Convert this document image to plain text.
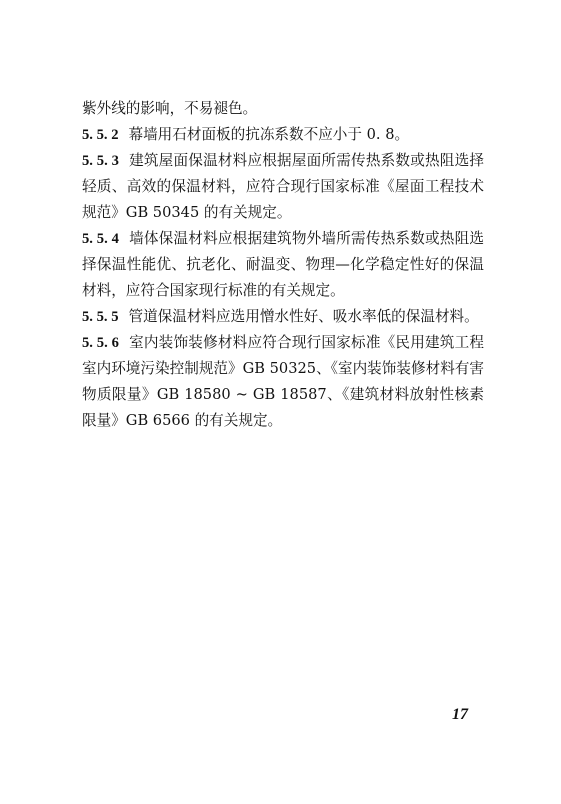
紫外线的影响，不易褪色。

5. 5. 2 幕墙用石材面板的抗冻系数不应小于 0. 8。

5. 5. 3 建筑屋面保温材料应根据屋面所需传热系数或热阻选择轻质、高效的保温材料，应符合现行国家标准《屋面工程技术规范》GB 50345 的有关规定。

5. 5. 4 墙体保温材料应根据建筑物外墙所需传热系数或热阻选择保温性能优、抗老化、耐温变、物理—化学稳定性好的保温材料，应符合国家现行标准的有关规定。

5. 5. 5 管道保温材料应选用憎水性好、吸水率低的保温材料。

5. 5. 6 室内装饰装修材料应符合现行国家标准《民用建筑工程室内环境污染控制规范》GB 50325、《室内装饰装修材料有害物质限量》GB 18580 ~ GB 18587、《建筑材料放射性核素限量》GB 6566 的有关规定。

17
